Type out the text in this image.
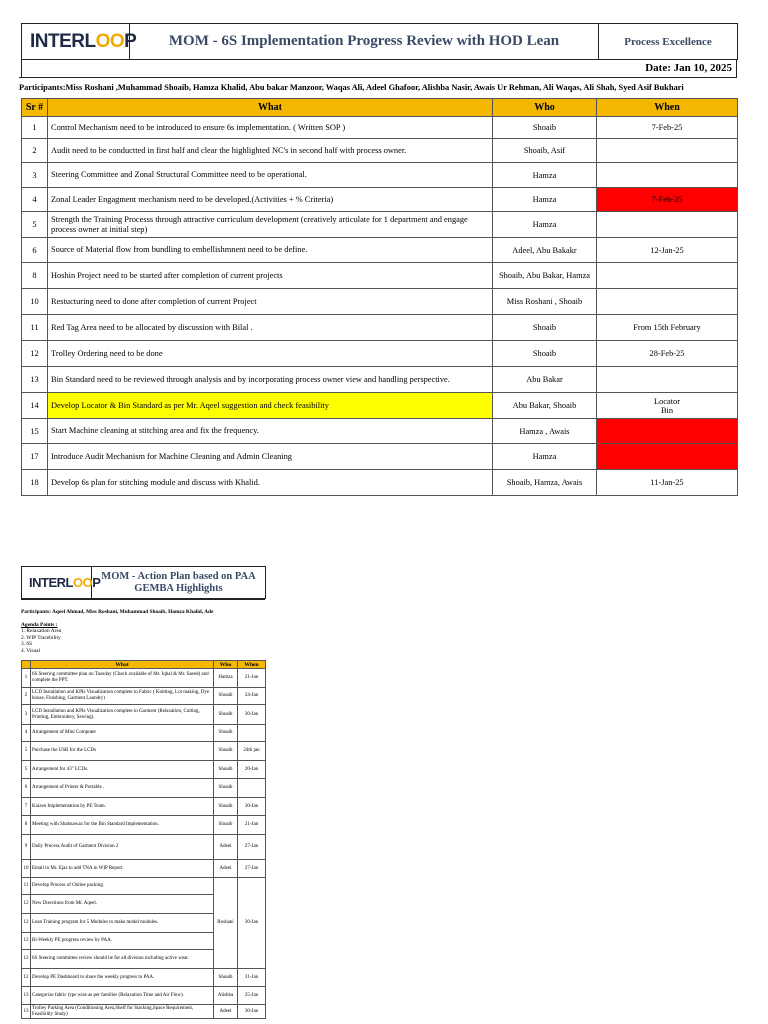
INTERLOOP	MOM - 6S Implementation Progress Review with HOD Lean	Process Excellence
Date: Jan 10, 2025
Participants:Miss Roshani ,Muhammad Shoaib, Hamza Khalid, Abu bakar Manzoor, Waqas Ali, Adeel Ghafoor, Alishba Nasir, Awais Ur Rehman, Ali Waqas, Ali Shah, Syed Asif Bukhari
Sr #	What	Who	When
1	Control Mechanism need to be introduced to ensure 6s implementation. ( Written SOP )	Shoaib	7-Feb-25

2	Audit need to be conductted in first half and clear the highlighted NC's in second half with process owner.	Shoaib, Asif	

3	Steering Committee and Zonal Structural Committee need to be operational.	Hamza	

4	Zonal Leader Engagment mechanism need to be developed.(Activities + % Criteria)	Hamza	7-Feb-25

5	Strength the Training Processs through attractive curriculum development (creatively articulate for 1 department and engage process owner at initial step)	Hamza	

6	Source of Material flow from bundling to embellishmnent need to be define.	Adeel, Abu Bakakr	12-Jan-25

8	Hoshin Project need to be started after completion of current projects	Shoaib, Abu Bakar, Hamza	

10	Restucturing need to done after completion of current Project	Miss Roshani , Shoaib	

11	Red Tag Area need to be allocated by discussion with Bilal .	Shoaib	From 15th February

12	Trolley Ordering need to be done	Shoaib	28-Feb-25

13	Bin Standard need to be reviewed through analysis and by incorporating process owner view and handling perspective.	Abu Bakar	

14	Develop Locator & Bin Standard as per Mr. Aqeel suggestion and check feasibility	Abu Bakar, Shoaib	Locator
Bin

15	Start Machine cleaning at stitching area and fix the frequency.	Hamza , Awais	

17	Introduce Audit Mechanism for Machine Cleaning and Admin Cleaning	Hamza	

18	Develop 6s plan for stitching module and discuss with Khalid.	Shoaib, Hamza, Awais	11-Jan-25
INTERLOOP	MOM - Action Plan based on PAA GEMBA Highlights
Participants: Aqeel Ahmad, Miss Roshani, Muhammad Shoaib, Hamza Khalid, Ade
Agenda Points :
1. Relaxation Area
2. WIP Tracebility
3. 6S
4. Visual
	What	Who	When
1	6S Steering committee plan on Tuesday (Check available of Mr. Iqbal & Mr. Saeed) and complete the PPT.	Hamza	21-Jan
2	LCD Installation and KPIs Visualization complete in Fabric ( Knitting, Lot making, Dye house, Finishing, Garment Laundry)	Shoaib	24-Jan
3	LCD Installation and KPIs Visualization complete in Garment (Relaxation, Cutting, Printing, Embroidery, Sewing).	Shoaib	30-Jan
4	Arrangement of Mini Computer	Shoaib	
5	Purchase the USB for the LCDs	Shoaib	24th jan
5	Arrangement for 43" LCDs.	Shoaib	20-Jan
6	Arrangement of Printer & Portable .	Shoaib	
7	Kaizen Implementation by PE Team.	Shoaib	30-Jan
8	Meeting with Shahnawaz for the Bin Standard Implementation.	Shoaib	21-Jan
9	Daily Process Audit of Garment Division 2	Adeel	27-Jan
10	Email to Mr. Ejaz to add TNA in WIP Report.	Adeel	27-Jan
11	Develop Process of Online packing.	Roshani	30-Jan
12	New Directions from Mr. Aqeel.		
12	Lean Training program for 5 Modules to make model modules.		
12	Bi-Weekly PE progress review by PAA.		
12	6S Steering committee review should be for all division including active wear.		
12	Develop PE Dashboard to share the weekly progress to PAA.	Shoaib	31-Jan
13	Categorize fabric type wise as per families (Relaxation Time and Air Flow).	Alishba	25-Jan
13	Trolley Parking Area (Conditioning Area,Shelf for Stacking,Space Requirement, Feasibility Study)	Adeel	30-Jan
